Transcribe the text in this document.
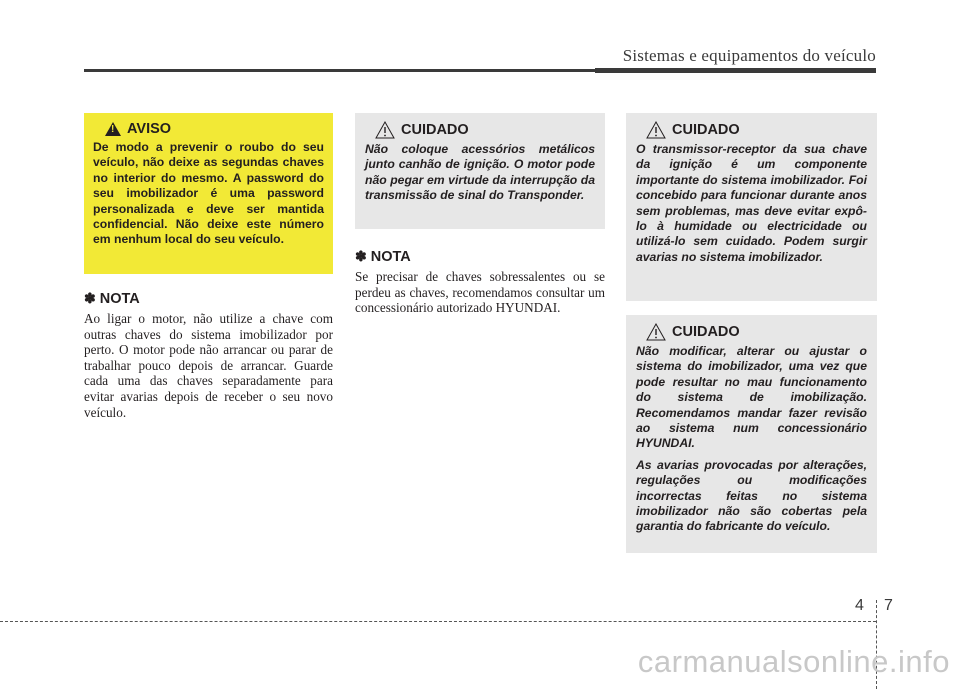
Sistemas e equipamentos do veículo
!
AVISO

De modo a prevenir o roubo do seu veículo, não deixe as segundas chaves no interior do mesmo. A password do seu imobilizador é uma password personalizada e deve ser mantida confidencial. Não deixe este número em nenhum local do seu veículo.

✽ NOTA

Ao ligar o motor, não utilize a chave com outras chaves do sistema imobilizador por perto. O motor pode não arrancar ou parar de trabalhar pouco depois de arrancar. Guarde cada uma das chaves separadamente para evitar avarias depois de receber o seu novo veículo.

CUIDADO

Não coloque acessórios metálicos junto canhão de ignição. O motor pode não pegar em virtude da interrupção da transmissão de sinal do Transponder.

✽ NOTA

Se precisar de chaves sobressalentes ou se perdeu as chaves, recomendamos consultar um concessionário autorizado HYUNDAI.

CUIDADO

O transmissor-receptor da sua chave da ignição é um componente importante do sistema imobilizador. Foi concebido para funcionar durante anos sem problemas, mas deve evitar expô-lo à humidade ou electricidade ou utilizá-lo sem cuidado. Podem surgir avarias no sistema imobilizador.

CUIDADO

Não modificar, alterar ou ajustar o sistema do imobilizador, uma vez que pode resultar no mau funcionamento do sistema de imobilização. Recomendamos mandar fazer revisão ao sistema num concessionário HYUNDAI.

As avarias provocadas por alterações, regulações ou modificações incorrectas feitas no sistema imobilizador não são cobertas pela garantia do fabricante do veículo.

4 7
carmanualsonline.info
